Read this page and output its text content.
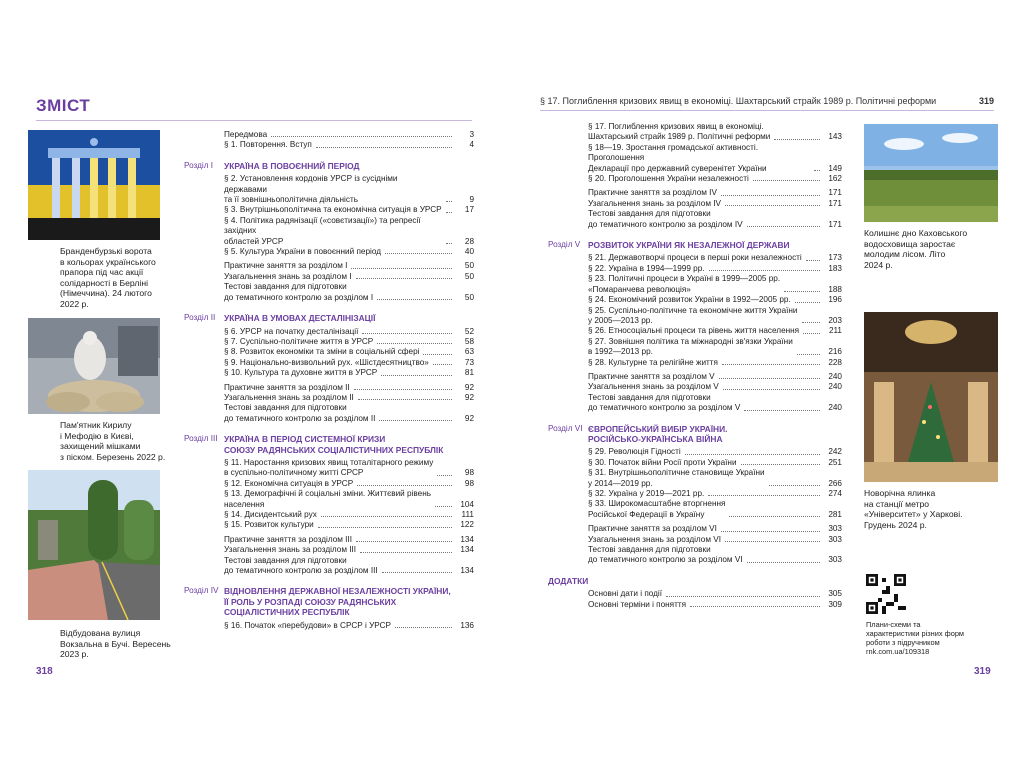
ЗМІСТ	§ 17. Поглиблення кризових явищ в економіці. Шахтарський страйк 1989 р. Політичні реформи	319
Бранденбурзькі ворота
в кольорах українського
прапора під час акції
солідарності в Берліні
(Німеччина). 24 лютого
2022 р.
Пам'ятник Кирилу
і Мефодію в Києві,
захищений мішками
з піском. Березень 2022 р.
Відбудована вулиця
Вокзальна в Бучі. Вересень
2023 р.
Колишнє дно Каховського
водосховища заростає
молодим лісом. Літо
2024 р.
Новорічна ялинка
на станції метро
«Університет» у Харкові.
Грудень 2024 р.
Плани-схеми та
характеристики різних форм
роботи з підручником
rnk.com.ua/109318
Передмова	3
§ 1. Повторення. Вступ	4
Розділ I	УКРАЇНА В ПОВОЄННИЙ ПЕРІОД
§ 2. Установлення кордонів УРСР із сусідніми державами
та її зовнішньополітична діяльність	9
§ 3. Внутрішньополітична та економічна ситуація в УРСР	17
§ 4. Політика радянізації («совєтизації») та репресії західних
областей УРСР	28
§ 5. Культура України в повоєнний період	40
Практичне заняття за розділом I	50
Узагальнення знань за розділом I	50
Тестові завдання для підготовки
до тематичного контролю за розділом I	50
Розділ II	УКРАЇНА В УМОВАХ ДЕСТАЛІНІЗАЦІЇ
§ 6. УРСР на початку десталінізації	52
§ 7. Суспільно-політичне життя в УРСР	58
§ 8. Розвиток економіки та зміни в соціальній сфері	63
§ 9. Національно-визвольний рух. «Шістдесятництво»	73
§ 10. Культура та духовне життя в УРСР	81
Практичне заняття за розділом II	92
Узагальнення знань за розділом II	92
Тестові завдання для підготовки
до тематичного контролю за розділом II	92
Розділ III УКРАЇНА В ПЕРІОД СИСТЕМНОЇ КРИЗИ
СОЮЗУ РАДЯНСЬКИХ СОЦІАЛІСТИЧНИХ РЕСПУБЛІК
§ 11. Наростання кризових явищ тоталітарного режиму
в суспільно-політичному житті СРСР	98
§ 12. Економічна ситуація в УРСР	98
§ 13. Демографічні й соціальні зміни. Життєвий рівень
населення	104
§ 14. Дисидентський рух	111
§ 15. Розвиток культури	122
Практичне заняття за розділом III	134
Узагальнення знань за розділом III	134
Тестові завдання для підготовки
до тематичного контролю за розділом III	134
Розділ IV ВІДНОВЛЕННЯ ДЕРЖАВНОЇ НЕЗАЛЕЖНОСТІ УКРАЇНИ,
ЇЇ РОЛЬ У РОЗПАДІ СОЮЗУ РАДЯНСЬКИХ
СОЦІАЛІСТИЧНИХ РЕСПУБЛІК
§ 16. Початок «перебудови» в СРСР і УРСР	136
§ 17. Поглиблення кризових явищ в економіці.
Шахтарський страйк 1989 р. Політичні реформи	143
§ 18—19. Зростання громадської активності. Проголошення
Декларації про державний суверенітет України	149
§ 20. Проголошення України незалежності	162
Практичне заняття за розділом IV	171
Узагальнення знань за розділом IV	171
Тестові завдання для підготовки
до тематичного контролю за розділом IV	171
Розділ V РОЗВИТОК УКРАЇНИ ЯК НЕЗАЛЕЖНОЇ ДЕРЖАВИ
§ 21. Державотворчі процеси в перші роки незалежності	173
§ 22. Україна в 1994—1999 рр.	183
§ 23. Політичні процеси в Україні в 1999—2005 рр.
«Помаранчева революція»	188
§ 24. Економічний розвиток України в 1992—2005 рр.	196
§ 25. Суспільно-політичне та економічне життя України
у 2005—2013 рр.	203
§ 26. Етносоціальні процеси та рівень життя населення	211
§ 27. Зовнішня політика та міжнародні зв'язки України
в 1992—2013 рр.	216
§ 28. Культурне та релігійне життя	228
Практичне заняття за розділом V	240
Узагальнення знань за розділом V	240
Тестові завдання для підготовки
до тематичного контролю за розділом V	240
Розділ VI ЄВРОПЕЙСЬКИЙ ВИБІР УКРАЇНИ.
РОСІЙСЬКО-УКРАЇНСЬКА ВІЙНА
§ 29. Революція Гідності	242
§ 30. Початок війни Росії проти України	251
§ 31. Внутрішньополітичне становище України
у 2014—2019 рр.	266
§ 32. Україна у 2019—2021 рр.	274
§ 33. Широкомасштабне вторгнення
Російської Федерації в Україну	281
Практичне заняття за розділом VI	303
Узагальнення знань за розділом VI	303
Тестові завдання для підготовки
до тематичного контролю за розділом VI	303
ДОДАТКИ
Основні дати і події	305
Основні терміни і поняття	309
318	319
